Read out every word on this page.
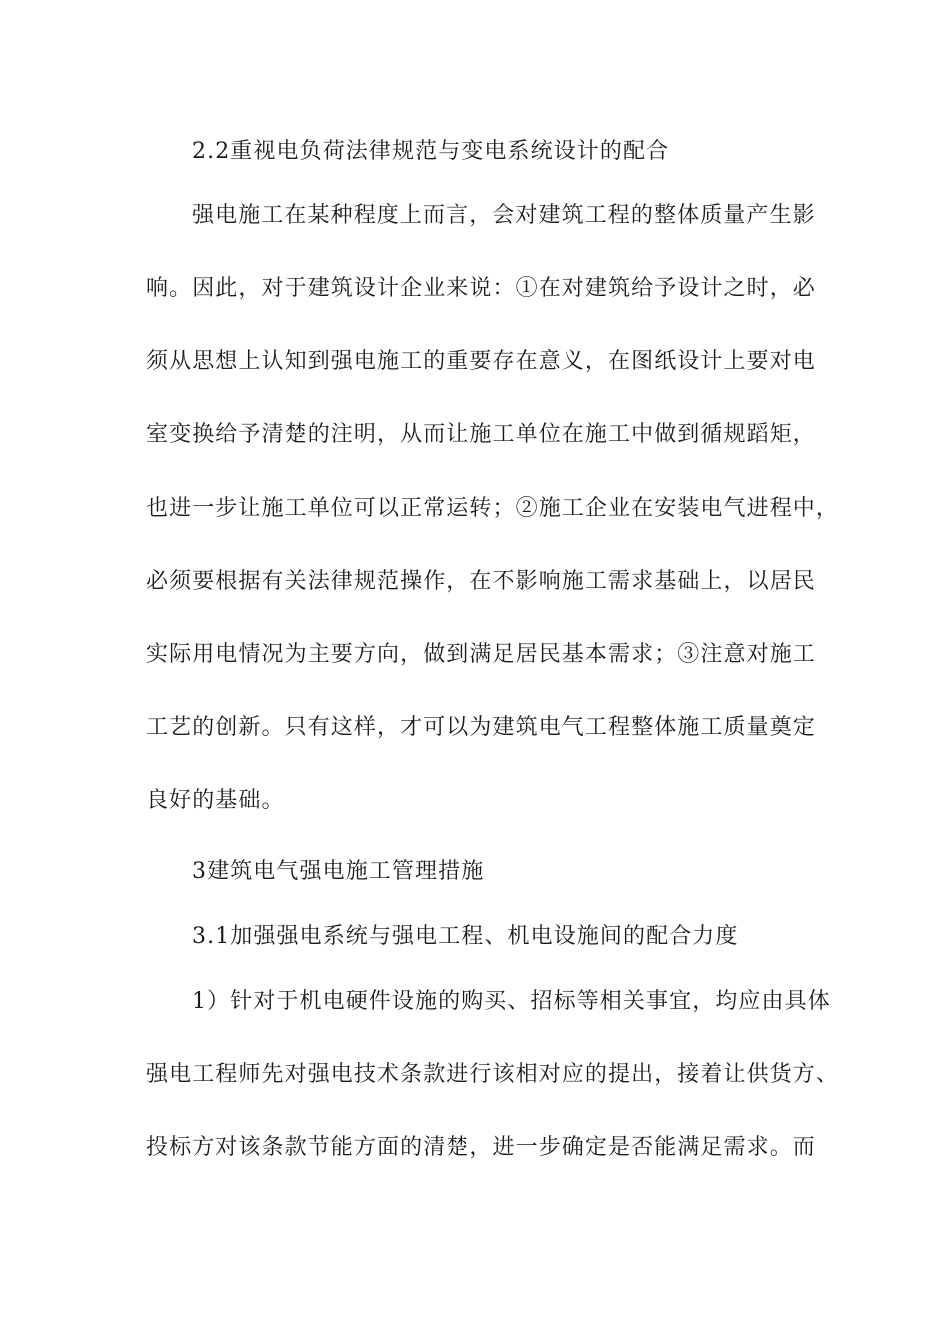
2.2重视电负荷法律规范与变电系统设计的配合
强电施工在某种程度上而言，会对建筑工程的整体质量产生影
响。因此，对于建筑设计企业来说：①在对建筑给予设计之时，必
须从思想上认知到强电施工的重要存在意义，在图纸设计上要对电
室变换给予清楚的注明，从而让施工单位在施工中做到循规蹈矩，
也进一步让施工单位可以正常运转；②施工企业在安装电气进程中，
必须要根据有关法律规范操作，在不影响施工需求基础上，以居民
实际用电情况为主要方向，做到满足居民基本需求；③注意对施工
工艺的创新。只有这样，才可以为建筑电气工程整体施工质量奠定
良好的基础。
3建筑电气强电施工管理措施
3.1加强强电系统与强电工程、机电设施间的配合力度
1）针对于机电硬件设施的购买、招标等相关事宜，均应由具体
强电工程师先对强电技术条款进行该相对应的提出，接着让供货方、
投标方对该条款节能方面的清楚，进一步确定是否能满足需求。而
